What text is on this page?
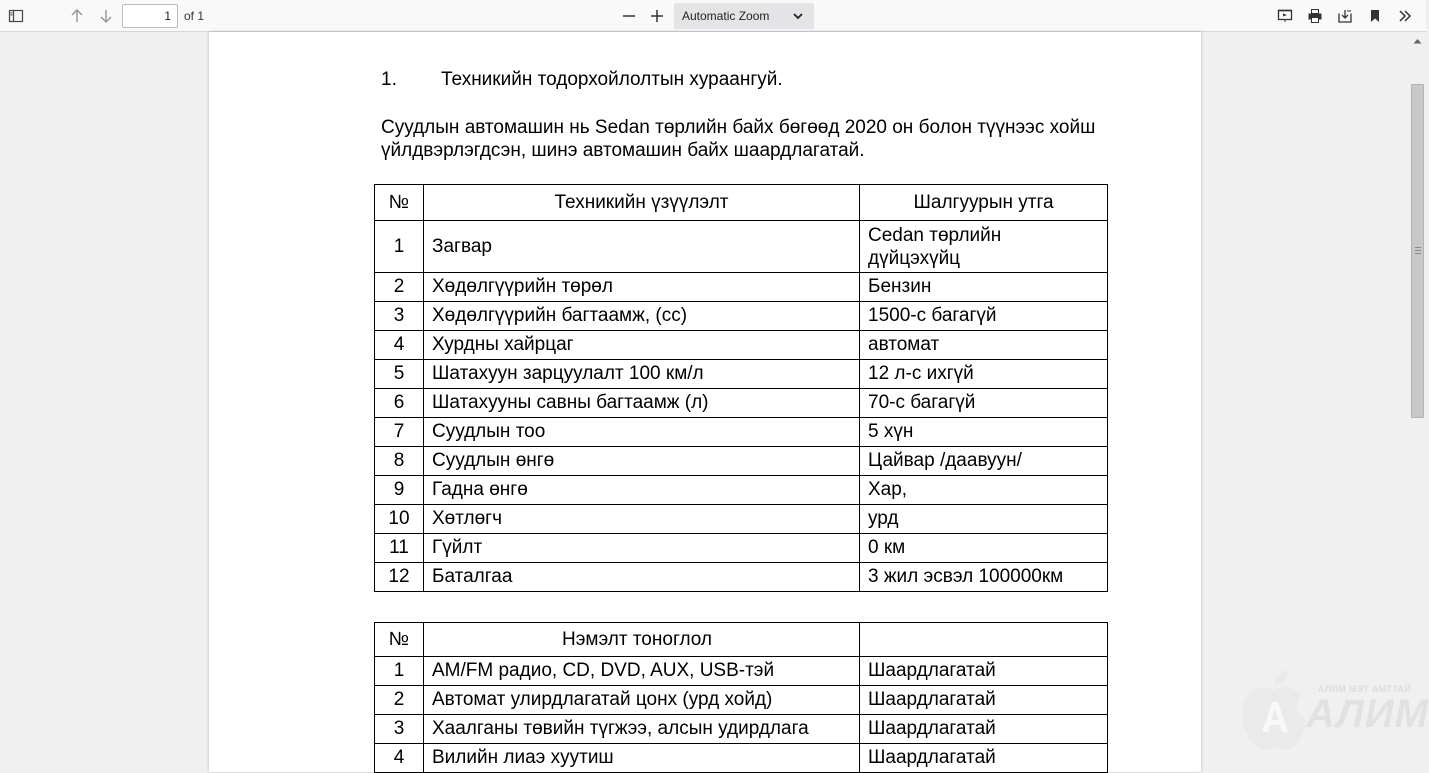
1
of 1	Automatic Zoom
1. Техникийн тодорхойлолтын хураангуй.
Суудлын автомашин нь Sedan төрлийн байх бөгөөд 2020 он болон түүнээс хойш
үйлдвэрлэгдсэн, шинэ автомашин байх шаардлагатай.
№	Техникийн үзүүлэлт	Шалгуурын утга
1	Загвар	Cedan төрлийн
дүйцэхүйц

2	Хөдөлгүүрийн төрөл	Бензин
3	Хөдөлгүүрийн багтаамж, (сс)	1500-с багагүй
4	Хурдны хайрцаг	автомат
5	Шатахуун зарцуулалт 100 км/л	12 л-с ихгүй
6	Шатахууны савны багтаамж (л)	70-с багагүй
7	Суудлын тоо	5 хүн
8	Суудлын өнгө	Цайвар /даавуун/
9	Гадна өнгө	Хар,
10	Хөтлөгч	урд
11	Гүйлт	0 км
12	Баталгаа	3 жил эсвэл 100000км
№	Нэмэлт тоноглол	
1	AM/FM радио, CD, DVD, AUX, USB-тэй	Шаардлагатай
2	Автомат улирдлагатай цонх (урд хойд)	Шаардлагатай
3	Хаалганы төвийн түгжээ, алсын удирдлага	Шаардлагатай
4	Вилийн лиаэ хуутиш	Шаардлагатай
АЛИМ МЭТ АМТТАЙ
АЛИМ
